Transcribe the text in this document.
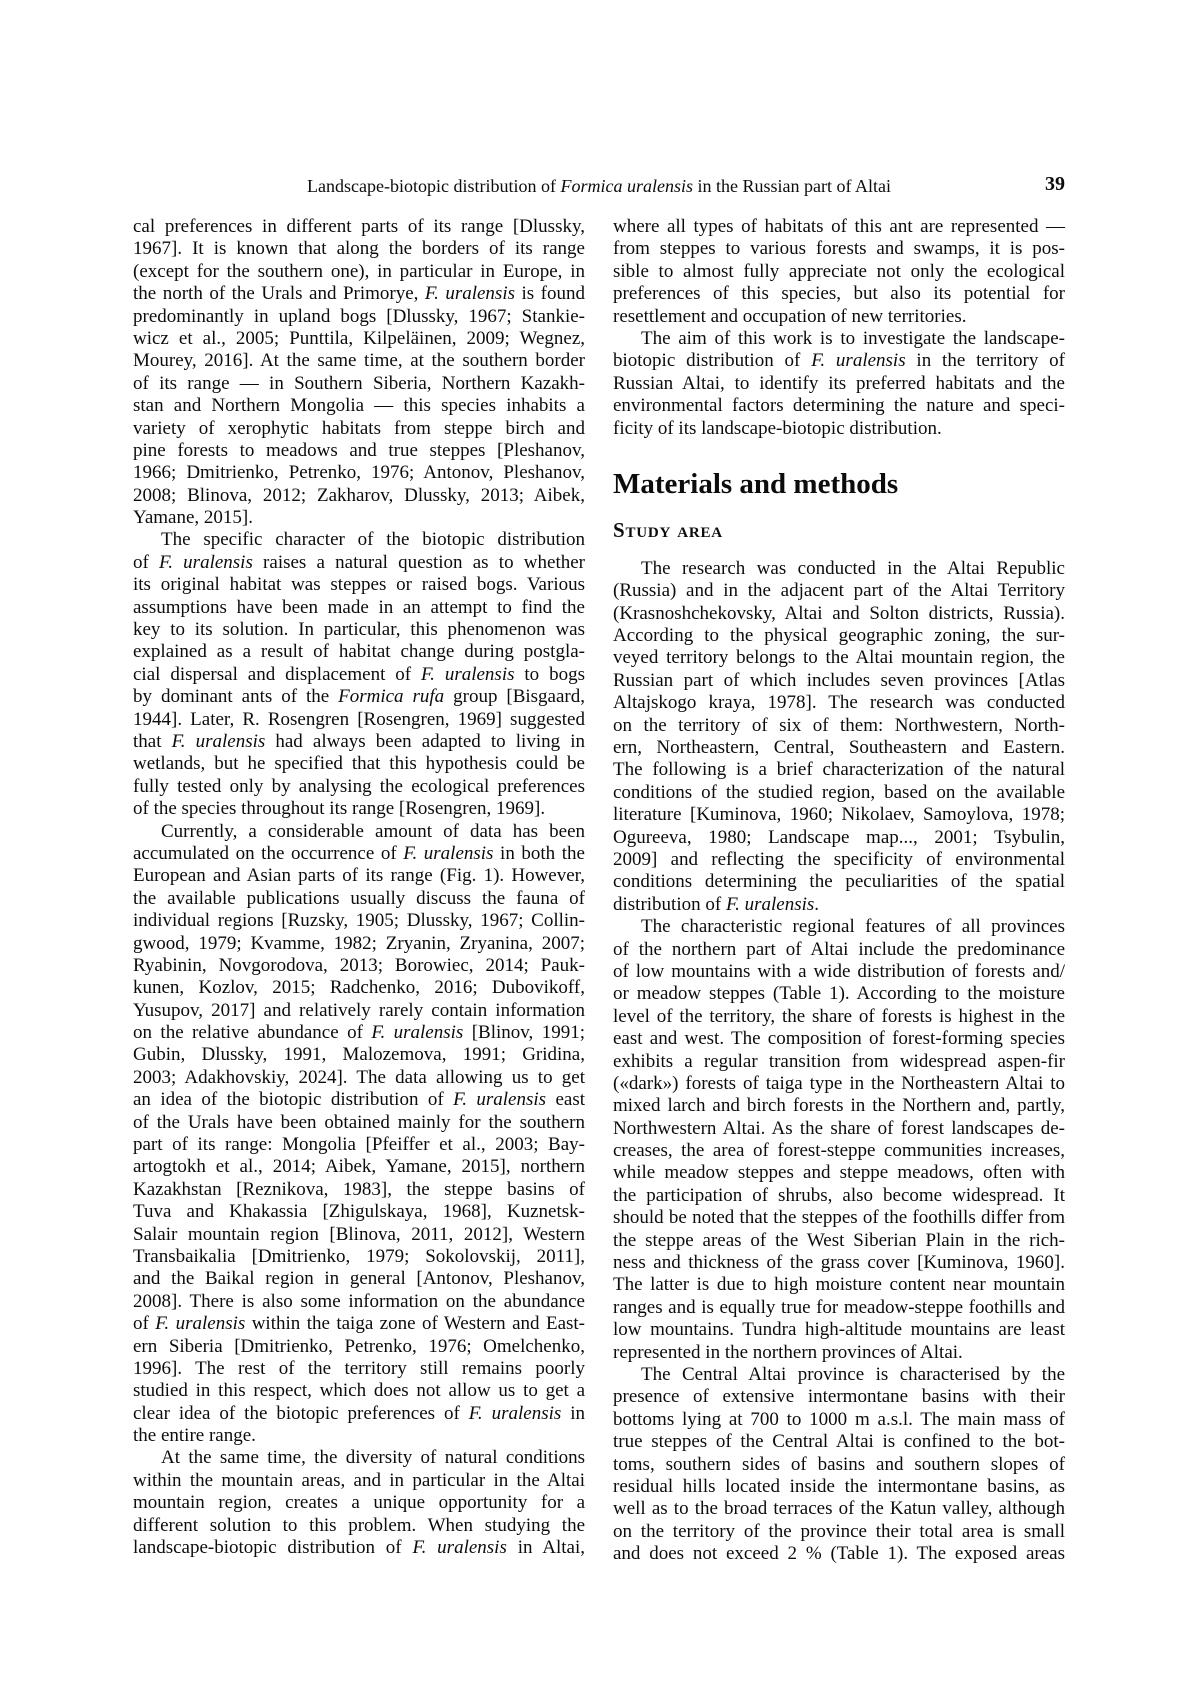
Landscape-biotopic distribution of Formica uralensis in the Russian part of Altai	39
cal preferences in different parts of its range [Dlussky,
1967]. It is known that along the borders of its range
(except for the southern one), in particular in Europe, in
the north of the Urals and Primorye, F. uralensis is found
predominantly in upland bogs [Dlussky, 1967; Stankie-
wicz et al., 2005; Punttila, Kilpeläinen, 2009; Wegnez,
Mourey, 2016]. At the same time, at the southern border
of its range — in Southern Siberia, Northern Kazakh-
stan and Northern Mongolia — this species inhabits a
variety of xerophytic habitats from steppe birch and
pine forests to meadows and true steppes [Pleshanov,
1966; Dmitrienko, Petrenko, 1976; Antonov, Pleshanov,
2008; Blinova, 2012; Zakharov, Dlussky, 2013; Aibek,
Yamane, 2015].
The specific character of the biotopic distribution
of F. uralensis raises a natural question as to whether
its original habitat was steppes or raised bogs. Various
assumptions have been made in an attempt to find the
key to its solution. In particular, this phenomenon was
explained as a result of habitat change during postgla-
cial dispersal and displacement of F. uralensis to bogs
by dominant ants of the Formica rufa group [Bisgaard,
1944]. Later, R. Rosengren [Rosengren, 1969] suggested
that F. uralensis had always been adapted to living in
wetlands, but he specified that this hypothesis could be
fully tested only by analysing the ecological preferences
of the species throughout its range [Rosengren, 1969].
Currently, a considerable amount of data has been
accumulated on the occurrence of F. uralensis in both the
European and Asian parts of its range (Fig. 1). However,
the available publications usually discuss the fauna of
individual regions [Ruzsky, 1905; Dlussky, 1967; Collin-
gwood, 1979; Kvamme, 1982; Zryanin, Zryanina, 2007;
Ryabinin, Novgorodova, 2013; Borowiec, 2014; Pauk-
kunen, Kozlov, 2015; Radchenko, 2016; Dubovikoff,
Yusupov, 2017] and relatively rarely contain information
on the relative abundance of F. uralensis [Blinov, 1991;
Gubin, Dlussky, 1991, Malozemova, 1991; Gridina,
2003; Adakhovskiy, 2024]. The data allowing us to get
an idea of the biotopic distribution of F. uralensis east
of the Urals have been obtained mainly for the southern
part of its range: Mongolia [Pfeiffer et al., 2003; Bay-
artogtokh et al., 2014; Aibek, Yamane, 2015], northern
Kazakhstan [Reznikova, 1983], the steppe basins of
Tuva and Khakassia [Zhigulskaya, 1968], Kuznetsk-
Salair mountain region [Blinova, 2011, 2012], Western
Transbaikalia [Dmitrienko, 1979; Sokolovskij, 2011],
and the Baikal region in general [Antonov, Pleshanov,
2008]. There is also some information on the abundance
of F. uralensis within the taiga zone of Western and East-
ern Siberia [Dmitrienko, Petrenko, 1976; Omelchenko,
1996]. The rest of the territory still remains poorly
studied in this respect, which does not allow us to get a
clear idea of the biotopic preferences of F. uralensis in
the entire range.
At the same time, the diversity of natural conditions
within the mountain areas, and in particular in the Altai
mountain region, creates a unique opportunity for a
different solution to this problem. When studying the
landscape-biotopic distribution of F. uralensis in Altai,
where all types of habitats of this ant are represented —
from steppes to various forests and swamps, it is pos-
sible to almost fully appreciate not only the ecological
preferences of this species, but also its potential for
resettlement and occupation of new territories.
The aim of this work is to investigate the landscape-
biotopic distribution of F. uralensis in the territory of
Russian Altai, to identify its preferred habitats and the
environmental factors determining the nature and speci-
ficity of its landscape-biotopic distribution.
Materials and methods
Study area
The research was conducted in the Altai Republic
(Russia) and in the adjacent part of the Altai Territory
(Krasnoshchekovsky, Altai and Solton districts, Russia).
According to the physical geographic zoning, the sur-
veyed territory belongs to the Altai mountain region, the
Russian part of which includes seven provinces [Atlas
Altajskogo kraya, 1978]. The research was conducted
on the territory of six of them: Northwestern, North-
ern, Northeastern, Central, Southeastern and Eastern.
The following is a brief characterization of the natural
conditions of the studied region, based on the available
literature [Kuminova, 1960; Nikolaev, Samoylova, 1978;
Ogureeva, 1980; Landscape map..., 2001; Tsybulin,
2009] and reflecting the specificity of environmental
conditions determining the peculiarities of the spatial
distribution of F. uralensis.
The characteristic regional features of all provinces
of the northern part of Altai include the predominance
of low mountains with a wide distribution of forests and/
or meadow steppes (Table 1). According to the moisture
level of the territory, the share of forests is highest in the
east and west. The composition of forest-forming species
exhibits a regular transition from widespread aspen-fir
(«dark») forests of taiga type in the Northeastern Altai to
mixed larch and birch forests in the Northern and, partly,
Northwestern Altai. As the share of forest landscapes de-
creases, the area of forest-steppe communities increases,
while meadow steppes and steppe meadows, often with
the participation of shrubs, also become widespread. It
should be noted that the steppes of the foothills differ from
the steppe areas of the West Siberian Plain in the rich-
ness and thickness of the grass cover [Kuminova, 1960].
The latter is due to high moisture content near mountain
ranges and is equally true for meadow-steppe foothills and
low mountains. Tundra high-altitude mountains are least
represented in the northern provinces of Altai.
The Central Altai province is characterised by the
presence of extensive intermontane basins with their
bottoms lying at 700 to 1000 m a.s.l. The main mass of
true steppes of the Central Altai is confined to the bot-
toms, southern sides of basins and southern slopes of
residual hills located inside the intermontane basins, as
well as to the broad terraces of the Katun valley, although
on the territory of the province their total area is small
and does not exceed 2 % (Table 1). The exposed areas
